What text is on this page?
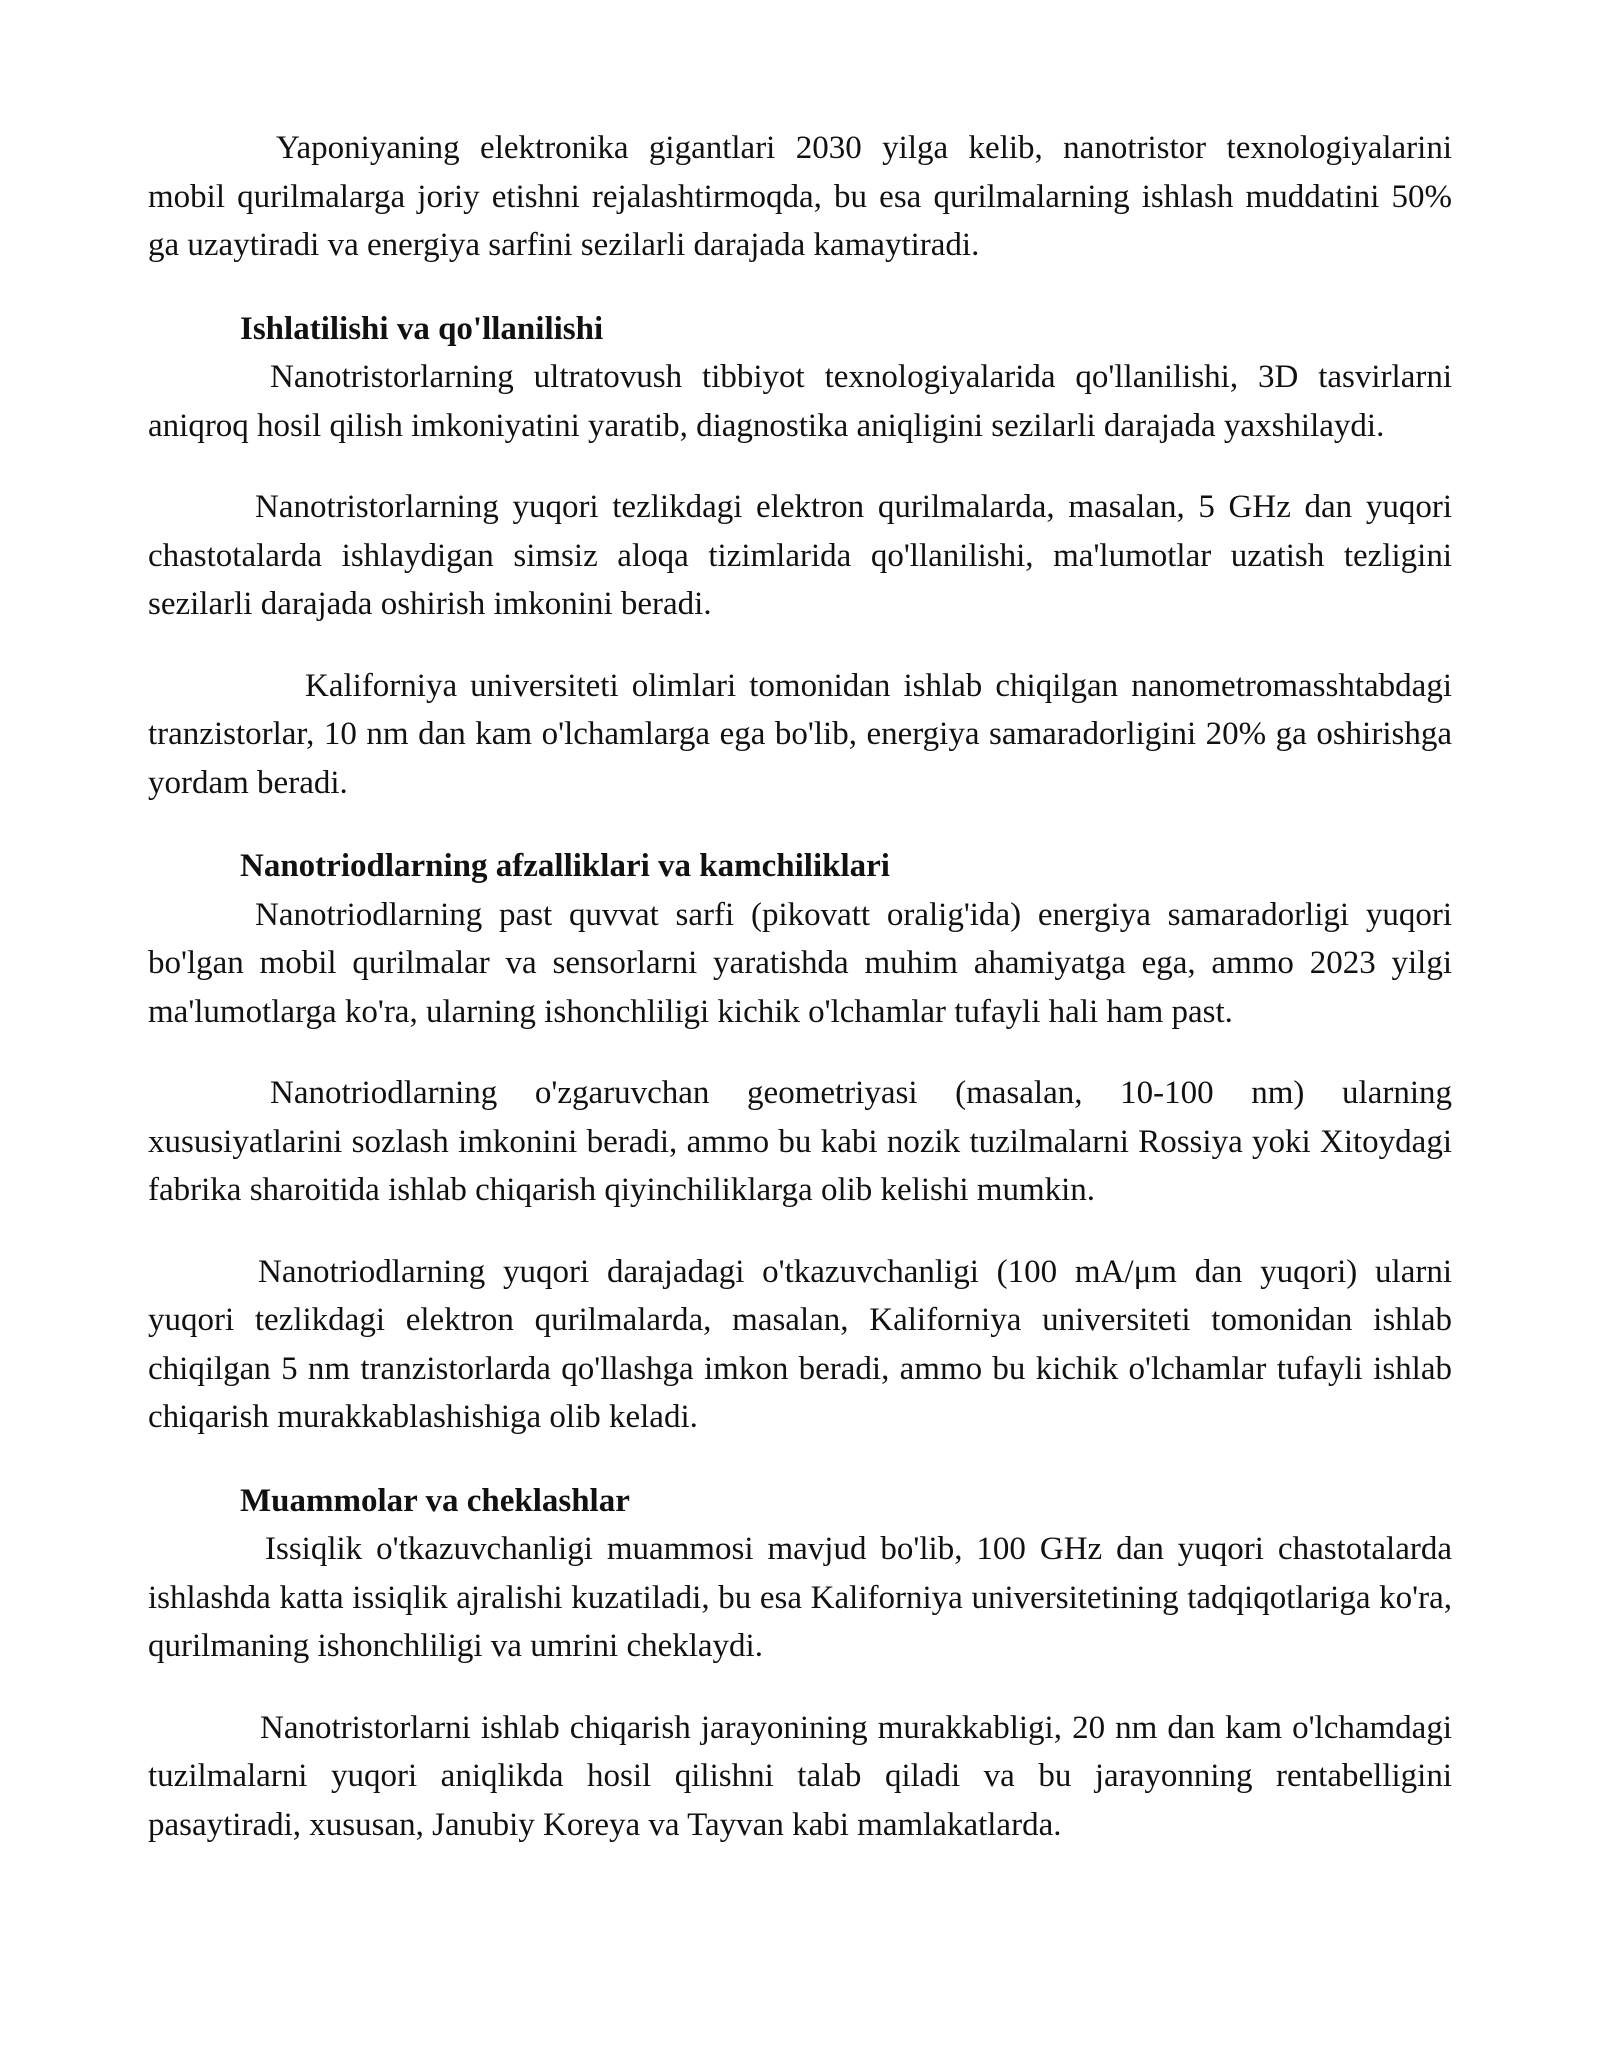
Yaponiyaning elektronika gigantlari 2030 yilga kelib, nanotristor texnologiyalarini mobil qurilmalarga joriy etishni rejalashtirmoqda, bu esa qurilmalarning ishlash muddatini 50% ga uzaytiradi va energiya sarfini sezilarli darajada kamaytiradi.

Ishlatilishi va qo'llanilishi

Nanotristorlarning ultratovush tibbiyot texnologiyalarida qo'llanilishi, 3D tasvirlarni aniqroq hosil qilish imkoniyatini yaratib, diagnostika aniqligini sezilarli darajada yaxshilaydi.

Nanotristorlarning yuqori tezlikdagi elektron qurilmalarda, masalan, 5 GHz dan yuqori chastotalarda ishlaydigan simsiz aloqa tizimlarida qo'llanilishi, ma'lumotlar uzatish tezligini sezilarli darajada oshirish imkonini beradi.

Kaliforniya universiteti olimlari tomonidan ishlab chiqilgan nanometromasshtabdagi tranzistorlar, 10 nm dan kam o'lchamlarga ega bo'lib, energiya samaradorligini 20% ga oshirishga yordam beradi.

Nanotriodlarning afzalliklari va kamchiliklari

Nanotriodlarning past quvvat sarfi (pikovatt oralig'ida) energiya samaradorligi yuqori bo'lgan mobil qurilmalar va sensorlarni yaratishda muhim ahamiyatga ega, ammo 2023 yilgi ma'lumotlarga ko'ra, ularning ishonchliligi kichik o'lchamlar tufayli hali ham past.

Nanotriodlarning o'zgaruvchan geometriyasi (masalan, 10-100 nm) ularning xususiyatlarini sozlash imkonini beradi, ammo bu kabi nozik tuzilmalarni Rossiya yoki Xitoydagi fabrika sharoitida ishlab chiqarish qiyinchiliklarga olib kelishi mumkin.

Nanotriodlarning yuqori darajadagi o'tkazuvchanligi (100 mA/μm dan yuqori) ularni yuqori tezlikdagi elektron qurilmalarda, masalan, Kaliforniya universiteti tomonidan ishlab chiqilgan 5 nm tranzistorlarda qo'llashga imkon beradi, ammo bu kichik o'lchamlar tufayli ishlab chiqarish murakkablashishiga olib keladi.

Muammolar va cheklashlar

Issiqlik o'tkazuvchanligi muammosi mavjud bo'lib, 100 GHz dan yuqori chastotalarda ishlashda katta issiqlik ajralishi kuzatiladi, bu esa Kaliforniya universitetining tadqiqotlariga ko'ra, qurilmaning ishonchliligi va umrini cheklaydi.

Nanotristorlarni ishlab chiqarish jarayonining murakkabligi, 20 nm dan kam o'lchamdagi tuzilmalarni yuqori aniqlikda hosil qilishni talab qiladi va bu jarayonning rentabelligini pasaytiradi, xususan, Janubiy Koreya va Tayvan kabi mamlakatlarda.
